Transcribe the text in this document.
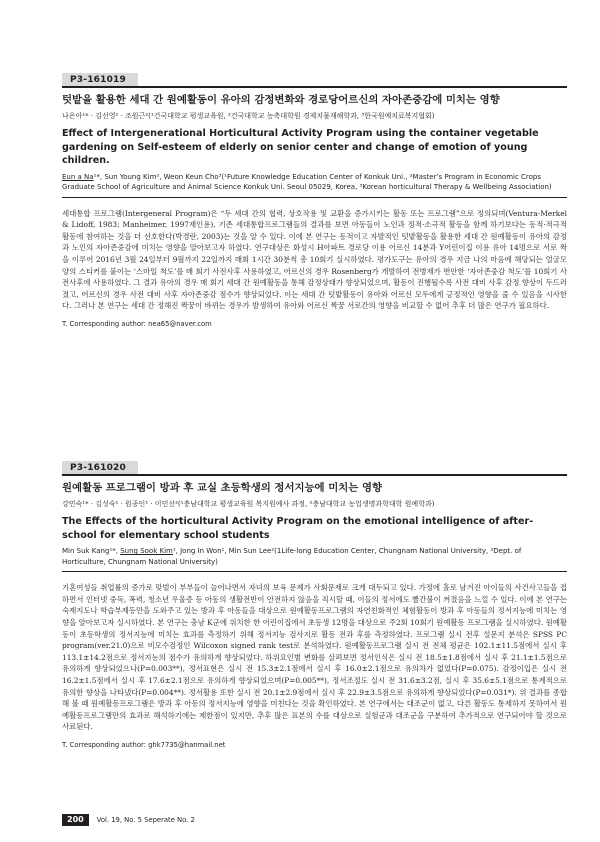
P3-161019
텃밭을 활용한 세대 간 원예활동이 유아의 감정변화와 경로당어르신의 자아존중감에 미치는 영향
나은아¹* · 김선영² · 조원근²(¹건국대학교 평생교육원, ²건국대학교 농축대학원 경제치물재해학과, ³한국원예치료복지협회)
Effect of Intergenerational Horticultural Activity Program using the container vegetable gardening on Self-esteem of elderly on senior center and change of emotion of young children.
Eun a Na¹*, Sun Young Kim², Weon Keun Cho³(¹Future Knowledge Education Center of Konkuk Uni., ²Master’s Program in Economic Crops Graduate School of Agriculture and Animal Science Konkuk Uni. Seoul 05029, Korea, ³Korean horticultural Therapy & Wellbeing Association)
세대통합 프로그램(Intergeneral Program)은 “두 세대 간의 협력, 상호작용 및 교환을 증가시키는 활동 또는 프로그램”으로 정의되며(Ventura-Merkel & Lidoff, 1983; Manheimer, 1997재인용), 기존 세대통합프로그램들의 결과를 보면 아동들이 노인과 정적·소극적 활동을 함께 하기보다는 동적·적극적 활동에 참여하는 것을 더 선호한다(박경란, 2003)는 것을 알 수 있다. 이에 본 연구는 동적이고 자발적인 텃밭활동을 활용한 세대 간 원예활동이 유아의 감정과 노인의 자아존중감에 미치는 영향을 알아보고자 하였다. 연구대상은 화성시 H아파트 경로당 이용 어르신 14분과 Y어린이집 이용 유아 14명으로 서로 짝을 이루어 2016년 3월 24일부터 9월까지 22일까지 매회 1시간 30분씩 총 10회기 실시하였다. 평가도구는 유아의 경우 지금 나의 마음에 해당되는 얼굴모양의 스티커를 붙이는 ‘스마일 척도’를 매 회기 사전사후 사용하였고, 어르신의 경우 Rosenberg가 개발하여 전병재가 번안한 ‘자아존중감 척도’를 10회기 사전사후에 사용하였다. 그 결과 유아의 경우 매 회기 세대 간 원예활동을 통해 감정상태가 향상되었으며, 활동이 진행될수록 사전 대비 사후 감정 향상이 두드러졌고, 어르신의 경우 사전 대비 사후 자아존중감 점수가 향상되었다. 이는 세대 간 텃밭활동이 유아와 어르신 모두에게 긍정적인 영향을 줄 수 있음을 시사한다. 그러나 본 연구는 세대 간 정해진 짝꿍이 바뀌는 경우가 발생하여 유아와 어르신 짝꿍 서로간의 영향을 비교할 수 없어 추후 더 많은 연구가 필요하다.
T. Corresponding author: nea65@naver.com
P3-161020
원예활동 프로그램이 방과 후 교실 초등학생의 정서지능에 미치는 영향
강민숙¹* · 김성숙¹ · 원종인¹ · 이민선²(¹충남대학교 평생교육원 복지원예사 과정, ²충남대학교 농업생명과학대학 원예학과)
The Effects of the horticultural Activity Program on the emotional intelligence of after-school for elementary school students
Min Suk Kang¹*, Sung Sook Kim¹, Jong In Won¹, Min Sun Lee²(1Life-long Education Center, Chungnam National University, ²Dept. of Horticulture, Chungnam National University)
기혼여성들 취업률의 증가로 맞벌이 부부들이 늘어나면서 자녀의 보육 문제가 사회문제로 크게 대두되고 있다. 가정에 홀로 남겨진 아이들의 사건사고들을 접하면서 인터넷 중독, 폭력, 청소년 우울증 등 아동의 생활전반이 안전하지 않음을 직시할 때, 이들의 정서에도 빨간불이 켜졌음을 느낄 수 있다. 이에 본 연구는 숙제지도나 학습부제등만을 도와주고 있는 방과 후 아동들을 대상으로 원예활동프로그램의 자연친화적인 체험활동이 방과 후 아동들의 정서지능에 미치는 영향을 알아보고자 실시하였다. 본 연구는 충남 K군에 위치한 한 어린이집에서 초등생 12명을 대상으로 주2회 10회기 원예활동 프로그램을 실시하였다. 원예활동이 초등학생의 정서지능에 미치는 효과를 측정하기 위해 정서지능 검사지로 활동 전과 후를 측정하였다. 프로그램 실시 전후 설문지 분석은 SPSS PC program(ver.21.0)으로 비모수검정인 Wilcoxon signed rank test로 분석하였다. 원예활동프로그램 실시 전 전체 평균은 102.1±11.5점에서 실시 후 113.1±14.2점으로 정서지능의 점수가 유의하게 향상되었다. 하위요인별 변화를 살펴보면 정서인식은 실시 전 18.5±1.8점에서 실시 후 21.1±1.5점으로 유의하게 향상되었으나(P=0.003**), 정서표현은 실시 전 15.3±2.1점에서 실시 후 16.0±2.1점으로 유의차가 없었다(P=0.075). 감정이입은 실시 전 16.2±1.5점에서 실시 후 17.6±2.1점으로 유의하게 향상되었으며(P=0.005**), 정서조절도 실시 전 31.6±3.2점, 실시 후 35.6±5.1점으로 통계적으로 유의한 향상을 나타냈다(P=0.004**). 정서활용 또한 실시 전 20.1±2.9점에서 실시 후 22.9±3.5점으로 유의하게 향상되었다(P=0.031*). 위 결과를 종합해 볼 때 원예활동프로그램은 방과 후 아동의 정서지능에 영향을 미친다는 것을 확인하였다. 본 연구에서는 대조군이 없고, 다른 활동도 통제하지 못하여서 원예활동프로그램만의 효과로 해석하기에는 제한점이 있지만, 추후 많은 표본의 수를 대상으로 실험군과 대조군을 구분하여 추가적으로 연구되어야 할 것으로 사료된다.
T. Corresponding author: ghk7735@hanmail.net
200	Vol. 19, No. 5 Seperate No. 2
